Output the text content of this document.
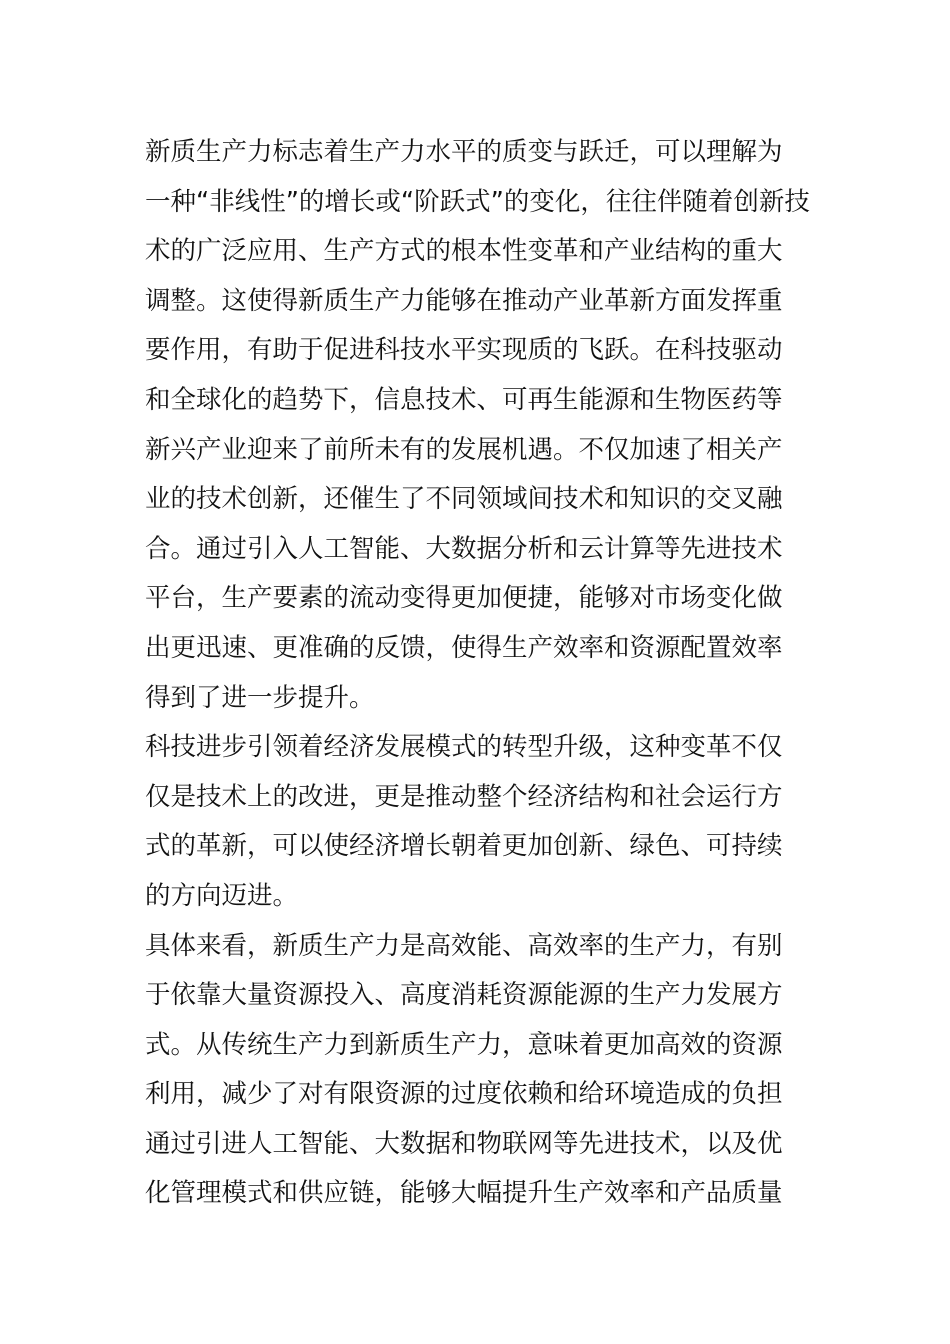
新质生产力标志着生产力水平的质变与跃迁，可以理解为
一种“非线性”的增长或“阶跃式”的变化，往往伴随着创新技
术的广泛应用、生产方式的根本性变革和产业结构的重大
调整。这使得新质生产力能够在推动产业革新方面发挥重
要作用，有助于促进科技水平实现质的飞跃。在科技驱动
和全球化的趋势下，信息技术、可再生能源和生物医药等
新兴产业迎来了前所未有的发展机遇。不仅加速了相关产
业的技术创新，还催生了不同领域间技术和知识的交叉融
合。通过引入人工智能、大数据分析和云计算等先进技术
平台，生产要素的流动变得更加便捷，能够对市场变化做
出更迅速、更准确的反馈，使得生产效率和资源配置效率
得到了进一步提升。
科技进步引领着经济发展模式的转型升级，这种变革不仅
仅是技术上的改进，更是推动整个经济结构和社会运行方
式的革新，可以使经济增长朝着更加创新、绿色、可持续
的方向迈进。
具体来看，新质生产力是高效能、高效率的生产力，有别
于依靠大量资源投入、高度消耗资源能源的生产力发展方
式。从传统生产力到新质生产力，意味着更加高效的资源
利用，减少了对有限资源的过度依赖和给环境造成的负担
通过引进人工智能、大数据和物联网等先进技术，以及优
化管理模式和供应链，能够大幅提升生产效率和产品质量
